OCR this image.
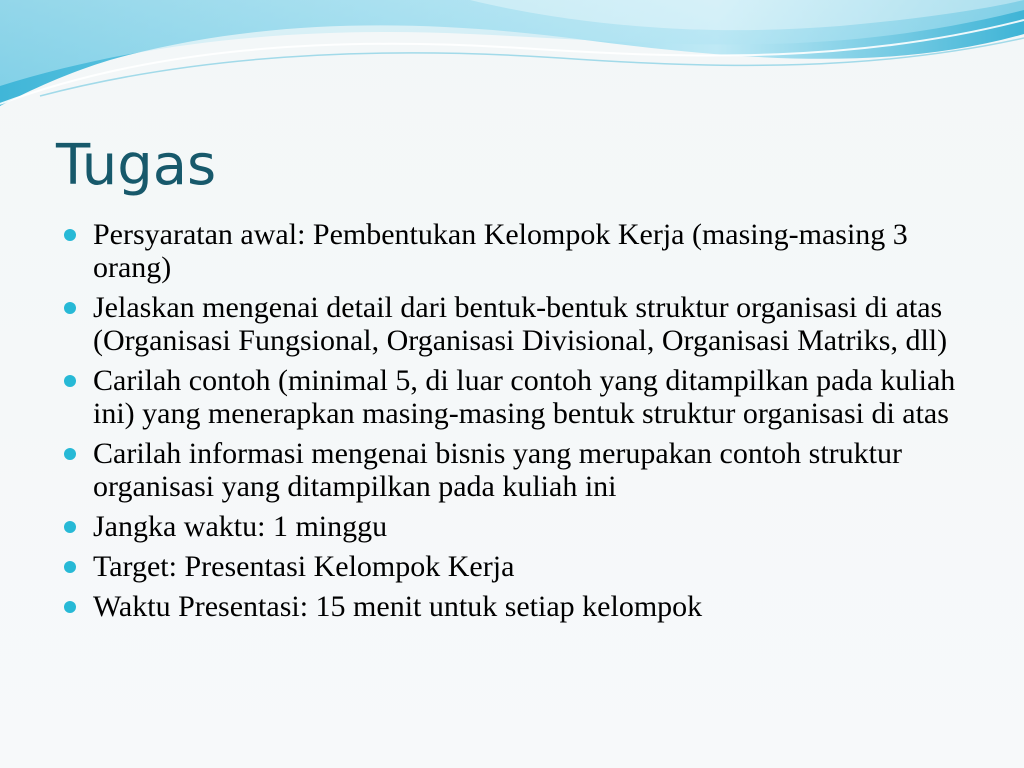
Tugas
Persyaratan awal: Pembentukan Kelompok Kerja (masing-masing 3 orang)
Jelaskan mengenai detail dari bentuk-bentuk struktur organisasi di atas (Organisasi Fungsional, Organisasi Divisional, Organisasi Matriks, dll)
Carilah contoh (minimal 5, di luar contoh yang ditampilkan pada kuliah ini) yang menerapkan masing-masing bentuk struktur organisasi di atas
Carilah informasi mengenai bisnis yang merupakan contoh struktur organisasi yang ditampilkan pada kuliah ini
Jangka waktu: 1 minggu
Target: Presentasi Kelompok Kerja
Waktu Presentasi: 15 menit untuk setiap kelompok
